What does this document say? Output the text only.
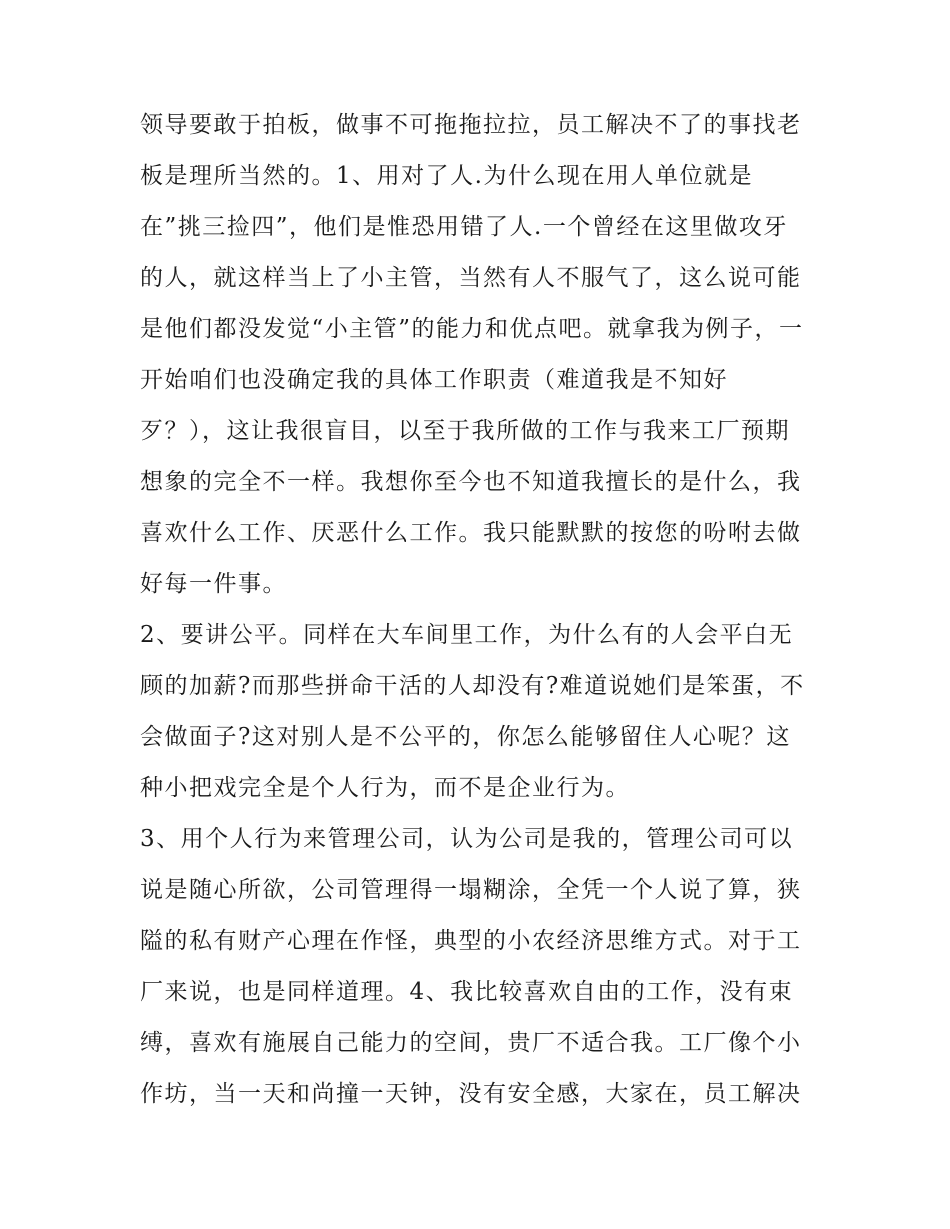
领导要敢于拍板，做事不可拖拖拉拉，员工解决不了的事找老
板是理所当然的。1、用对了人.为什么现在用人单位就是
在”挑三捡四”，他们是惟恐用错了人.一个曾经在这里做攻牙
的人，就这样当上了小主管，当然有人不服气了，这么说可能
是他们都没发觉“小主管”的能力和优点吧。就拿我为例子，一
开始咱们也没确定我的具体工作职责（难道我是不知好
歹？），这让我很盲目，以至于我所做的工作与我来工厂预期
想象的完全不一样。我想你至今也不知道我擅长的是什么，我
喜欢什么工作、厌恶什么工作。我只能默默的按您的吩咐去做
好每一件事。
2、要讲公平。同样在大车间里工作，为什么有的人会平白无
顾的加薪?而那些拼命干活的人却没有?难道说她们是笨蛋，不
会做面子?这对别人是不公平的，你怎么能够留住人心呢？这
种小把戏完全是个人行为，而不是企业行为。
3、用个人行为来管理公司，认为公司是我的，管理公司可以
说是随心所欲，公司管理得一塌糊涂，全凭一个人说了算，狭
隘的私有财产心理在作怪，典型的小农经济思维方式。对于工
厂来说，也是同样道理。4、我比较喜欢自由的工作，没有束
缚，喜欢有施展自己能力的空间，贵厂不适合我。工厂像个小
作坊，当一天和尚撞一天钟，没有安全感，大家在，员工解决
